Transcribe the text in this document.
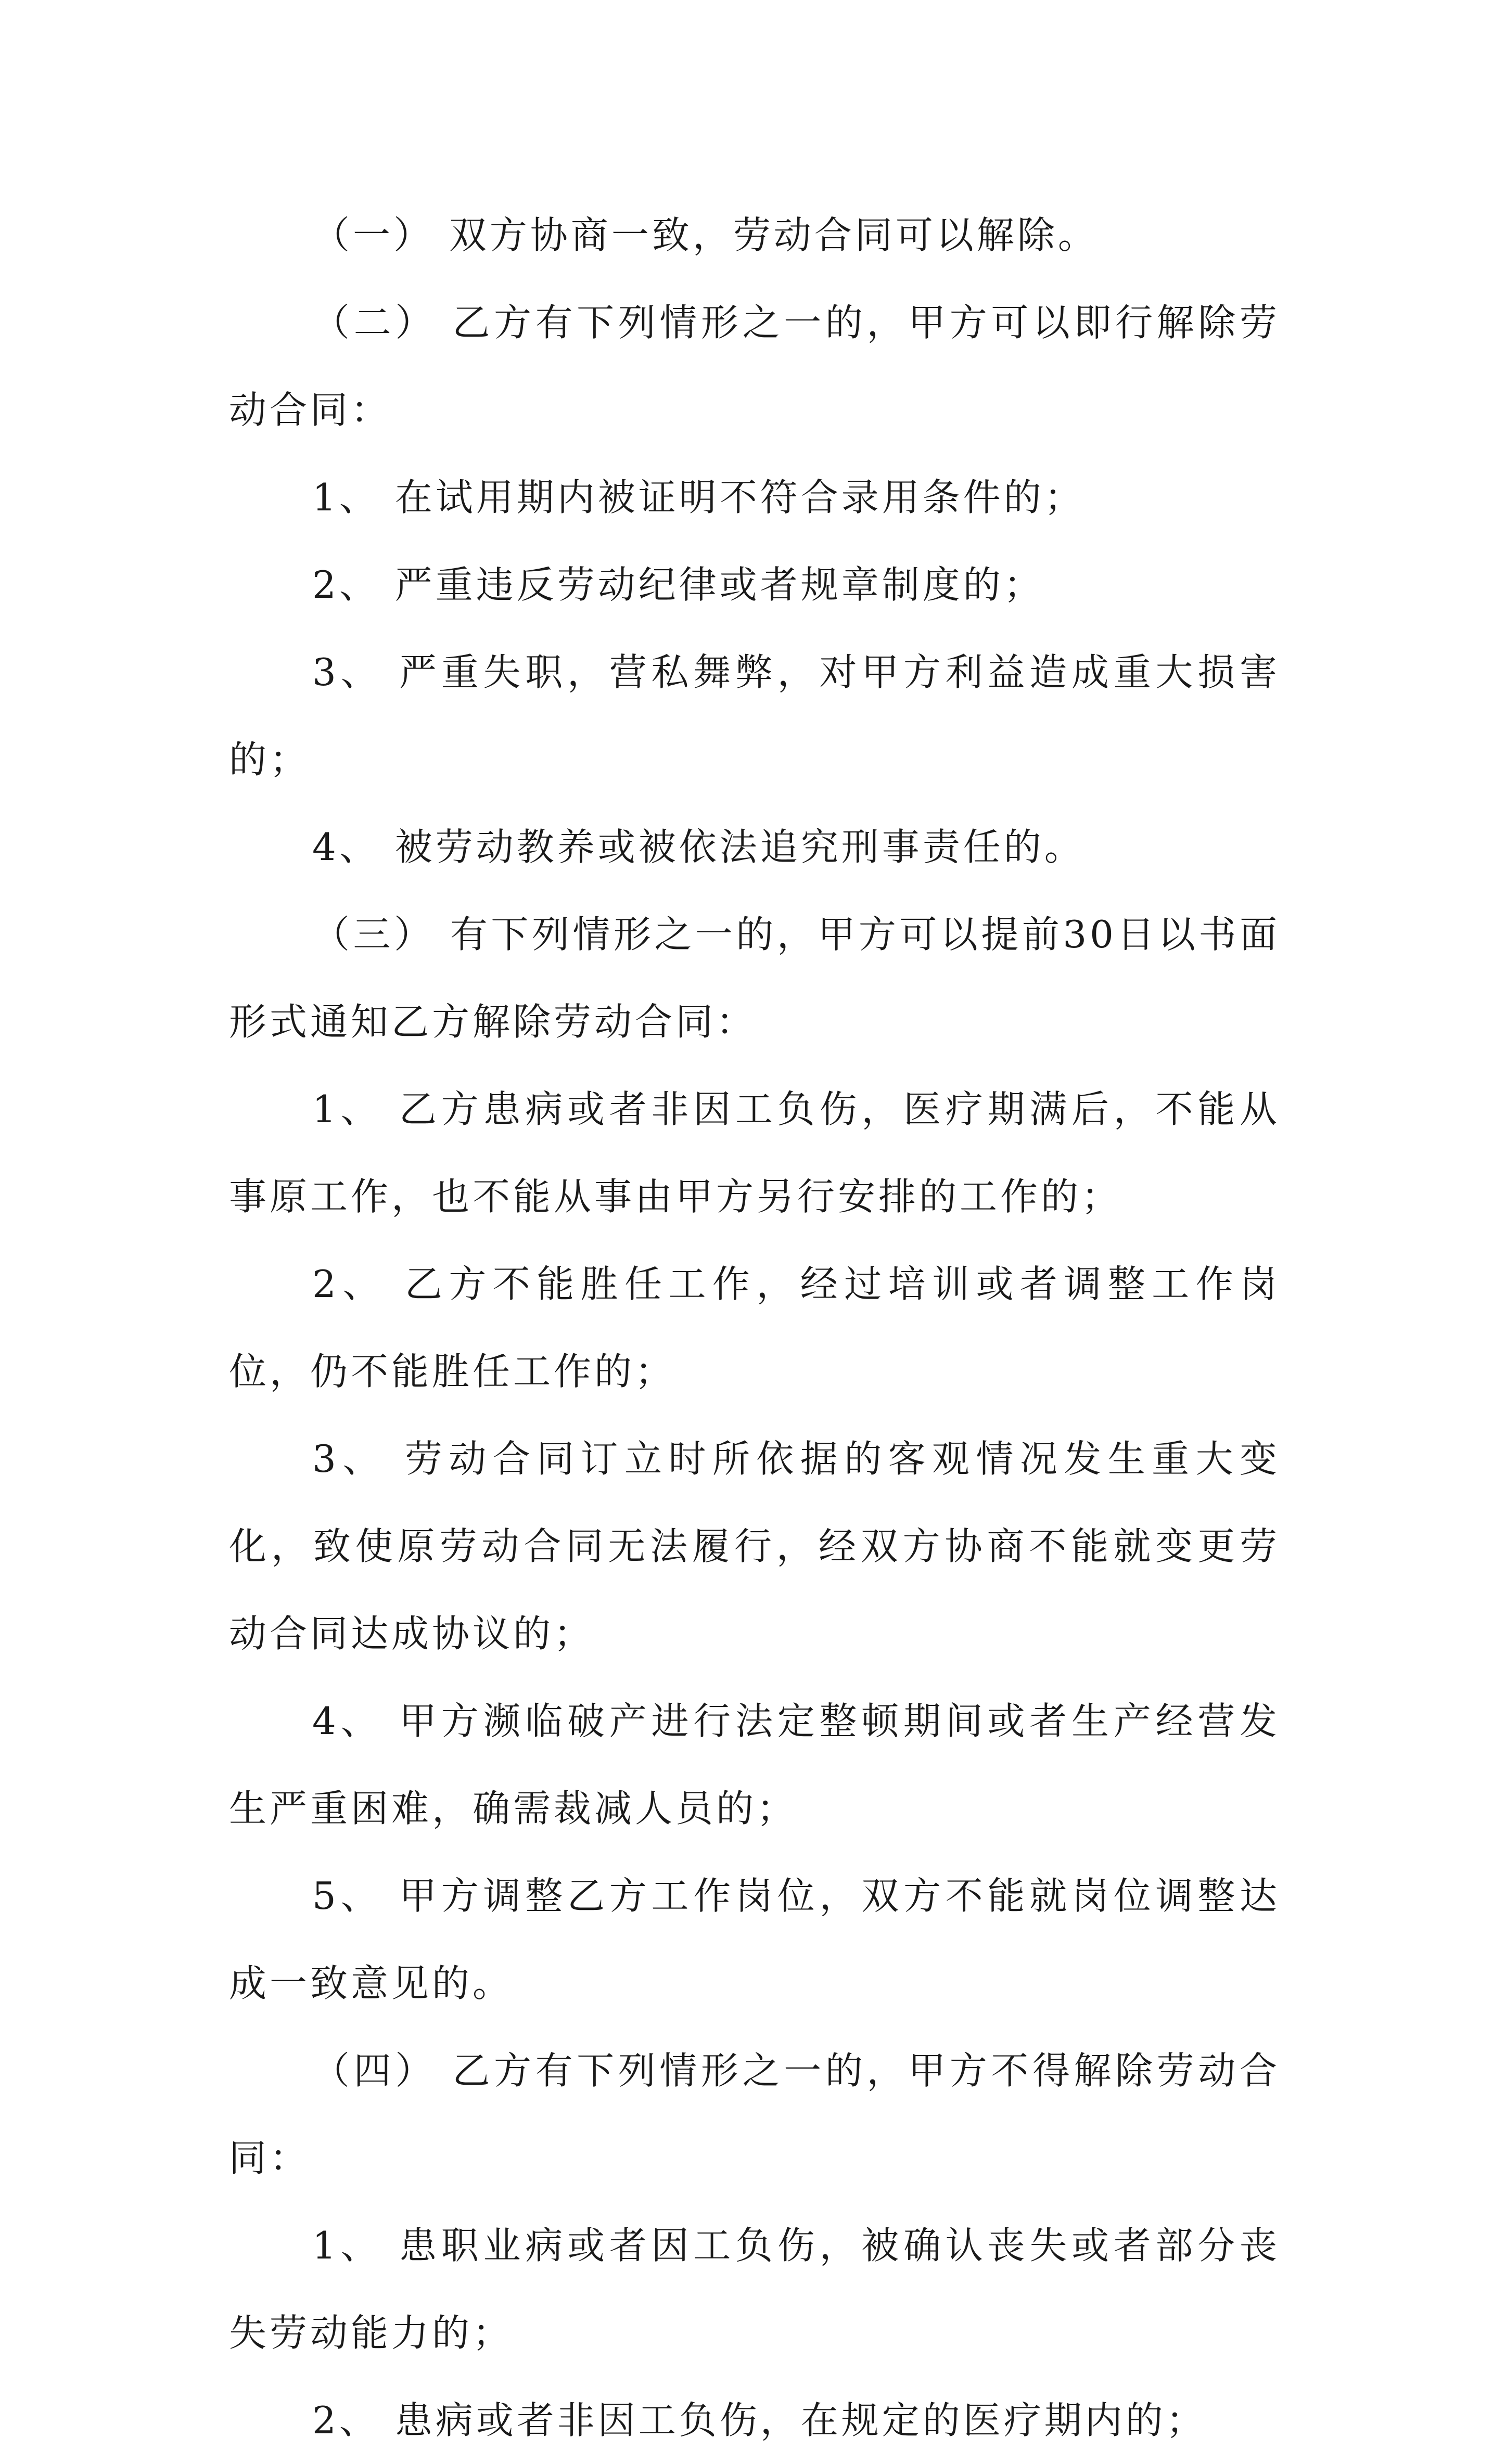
（一） 双方协商一致，劳动合同可以解除。

（二） 乙方有下列情形之一的，甲方可以即行解除劳动合同：

1、 在试用期内被证明不符合录用条件的；

2、 严重违反劳动纪律或者规章制度的；

3、 严重失职，营私舞弊，对甲方利益造成重大损害的；

4、 被劳动教养或被依法追究刑事责任的。

（三） 有下列情形之一的，甲方可以提前30日以书面形式通知乙方解除劳动合同：

1、 乙方患病或者非因工负伤，医疗期满后，不能从事原工作，也不能从事由甲方另行安排的工作的；

2、 乙方不能胜任工作，经过培训或者调整工作岗位，仍不能胜任工作的；

3、 劳动合同订立时所依据的客观情况发生重大变化，致使原劳动合同无法履行，经双方协商不能就变更劳动合同达成协议的；

4、 甲方濒临破产进行法定整顿期间或者生产经营发生严重困难，确需裁减人员的；

5、 甲方调整乙方工作岗位，双方不能就岗位调整达成一致意见的。

（四） 乙方有下列情形之一的，甲方不得解除劳动合同：

1、 患职业病或者因工负伤，被确认丧失或者部分丧失劳动能力的；

2、 患病或者非因工负伤，在规定的医疗期内的；
